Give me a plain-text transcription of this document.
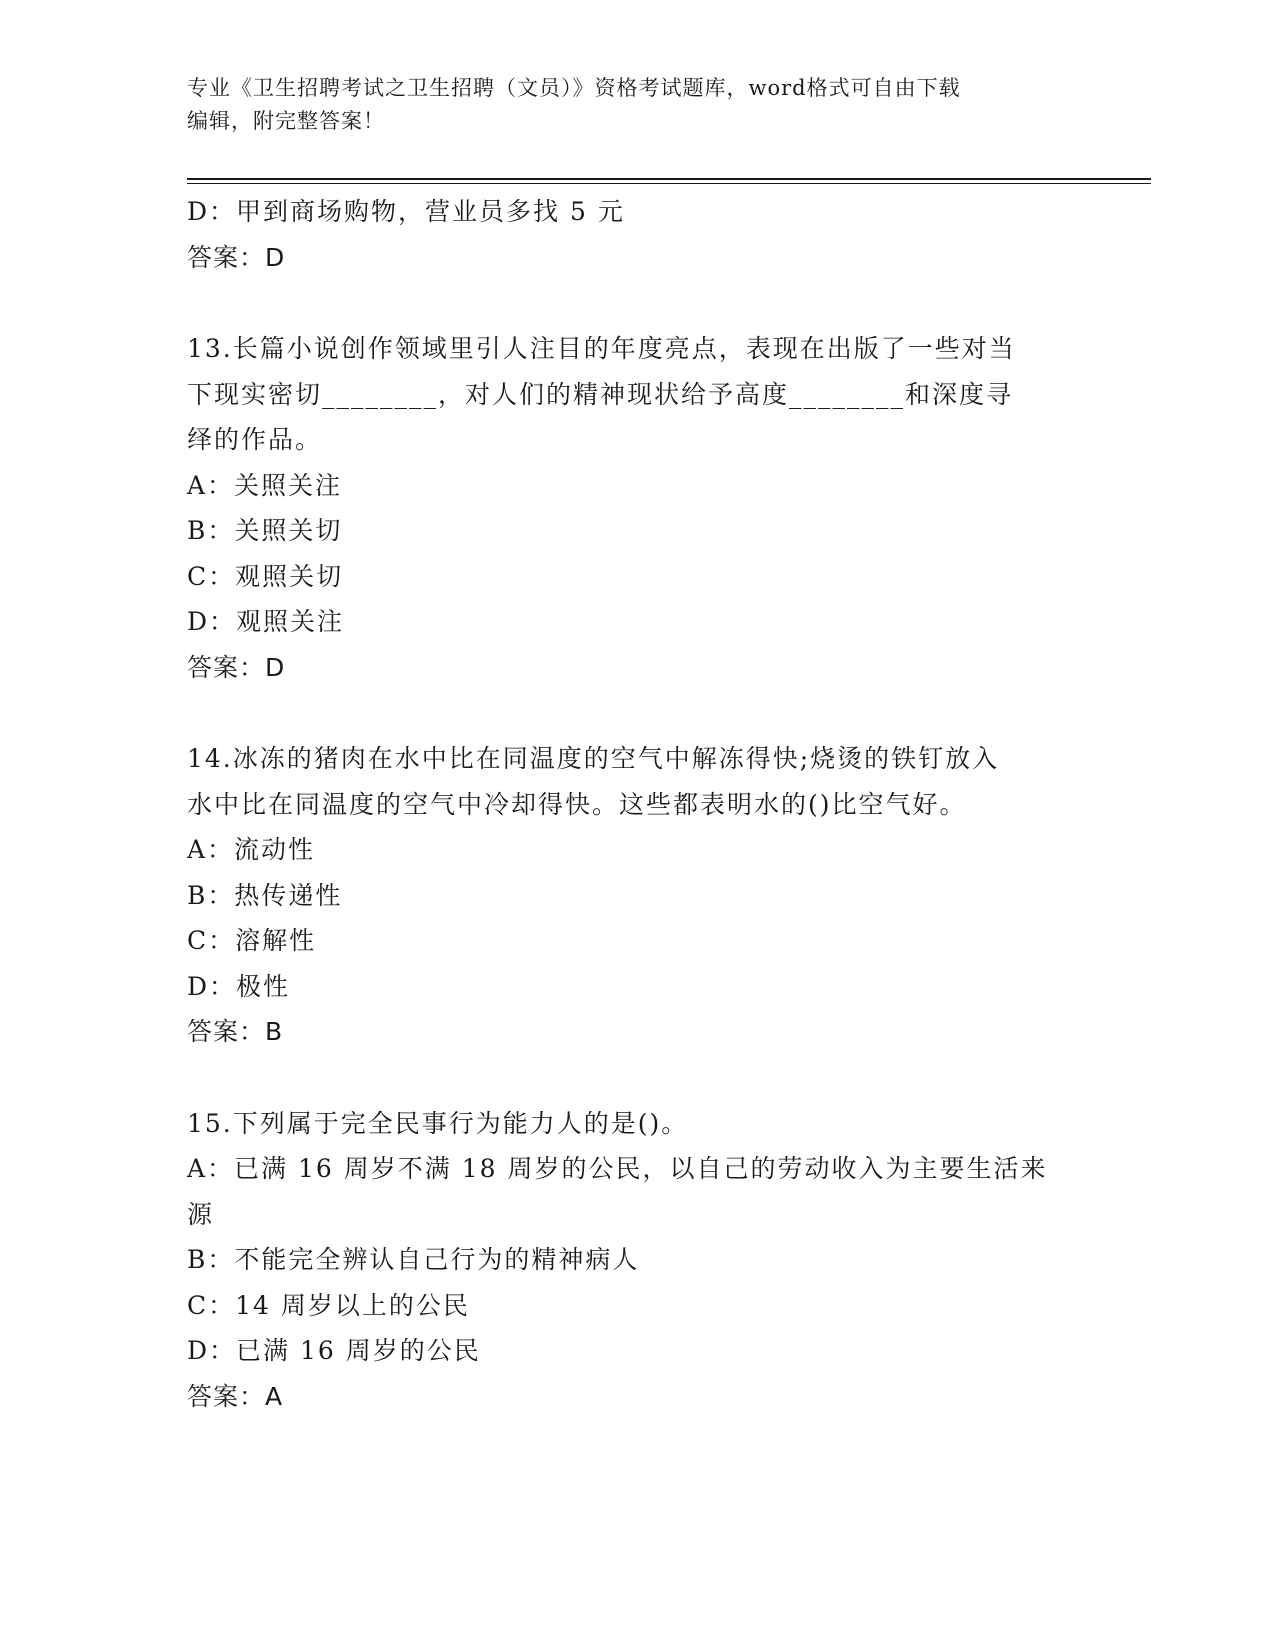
专业《卫生招聘考试之卫生招聘（文员）》资格考试题库，word格式可自由下载
编辑，附完整答案！
D：甲到商场购物，营业员多找 5 元
答案：D
13.长篇小说创作领域里引人注目的年度亮点，表现在出版了一些对当
下现实密切________，对人们的精神现状给予高度________和深度寻
绎的作品。
A：关照关注
B：关照关切
C：观照关切
D：观照关注
答案：D
14.冰冻的猪肉在水中比在同温度的空气中解冻得快;烧烫的铁钉放入
水中比在同温度的空气中冷却得快。这些都表明水的()比空气好。
A：流动性
B：热传递性
C：溶解性
D：极性
答案：B
15.下列属于完全民事行为能力人的是()。
A：已满 16 周岁不满 18 周岁的公民，以自己的劳动收入为主要生活来
源
B：不能完全辨认自己行为的精神病人
C：14 周岁以上的公民
D：已满 16 周岁的公民
答案：A
